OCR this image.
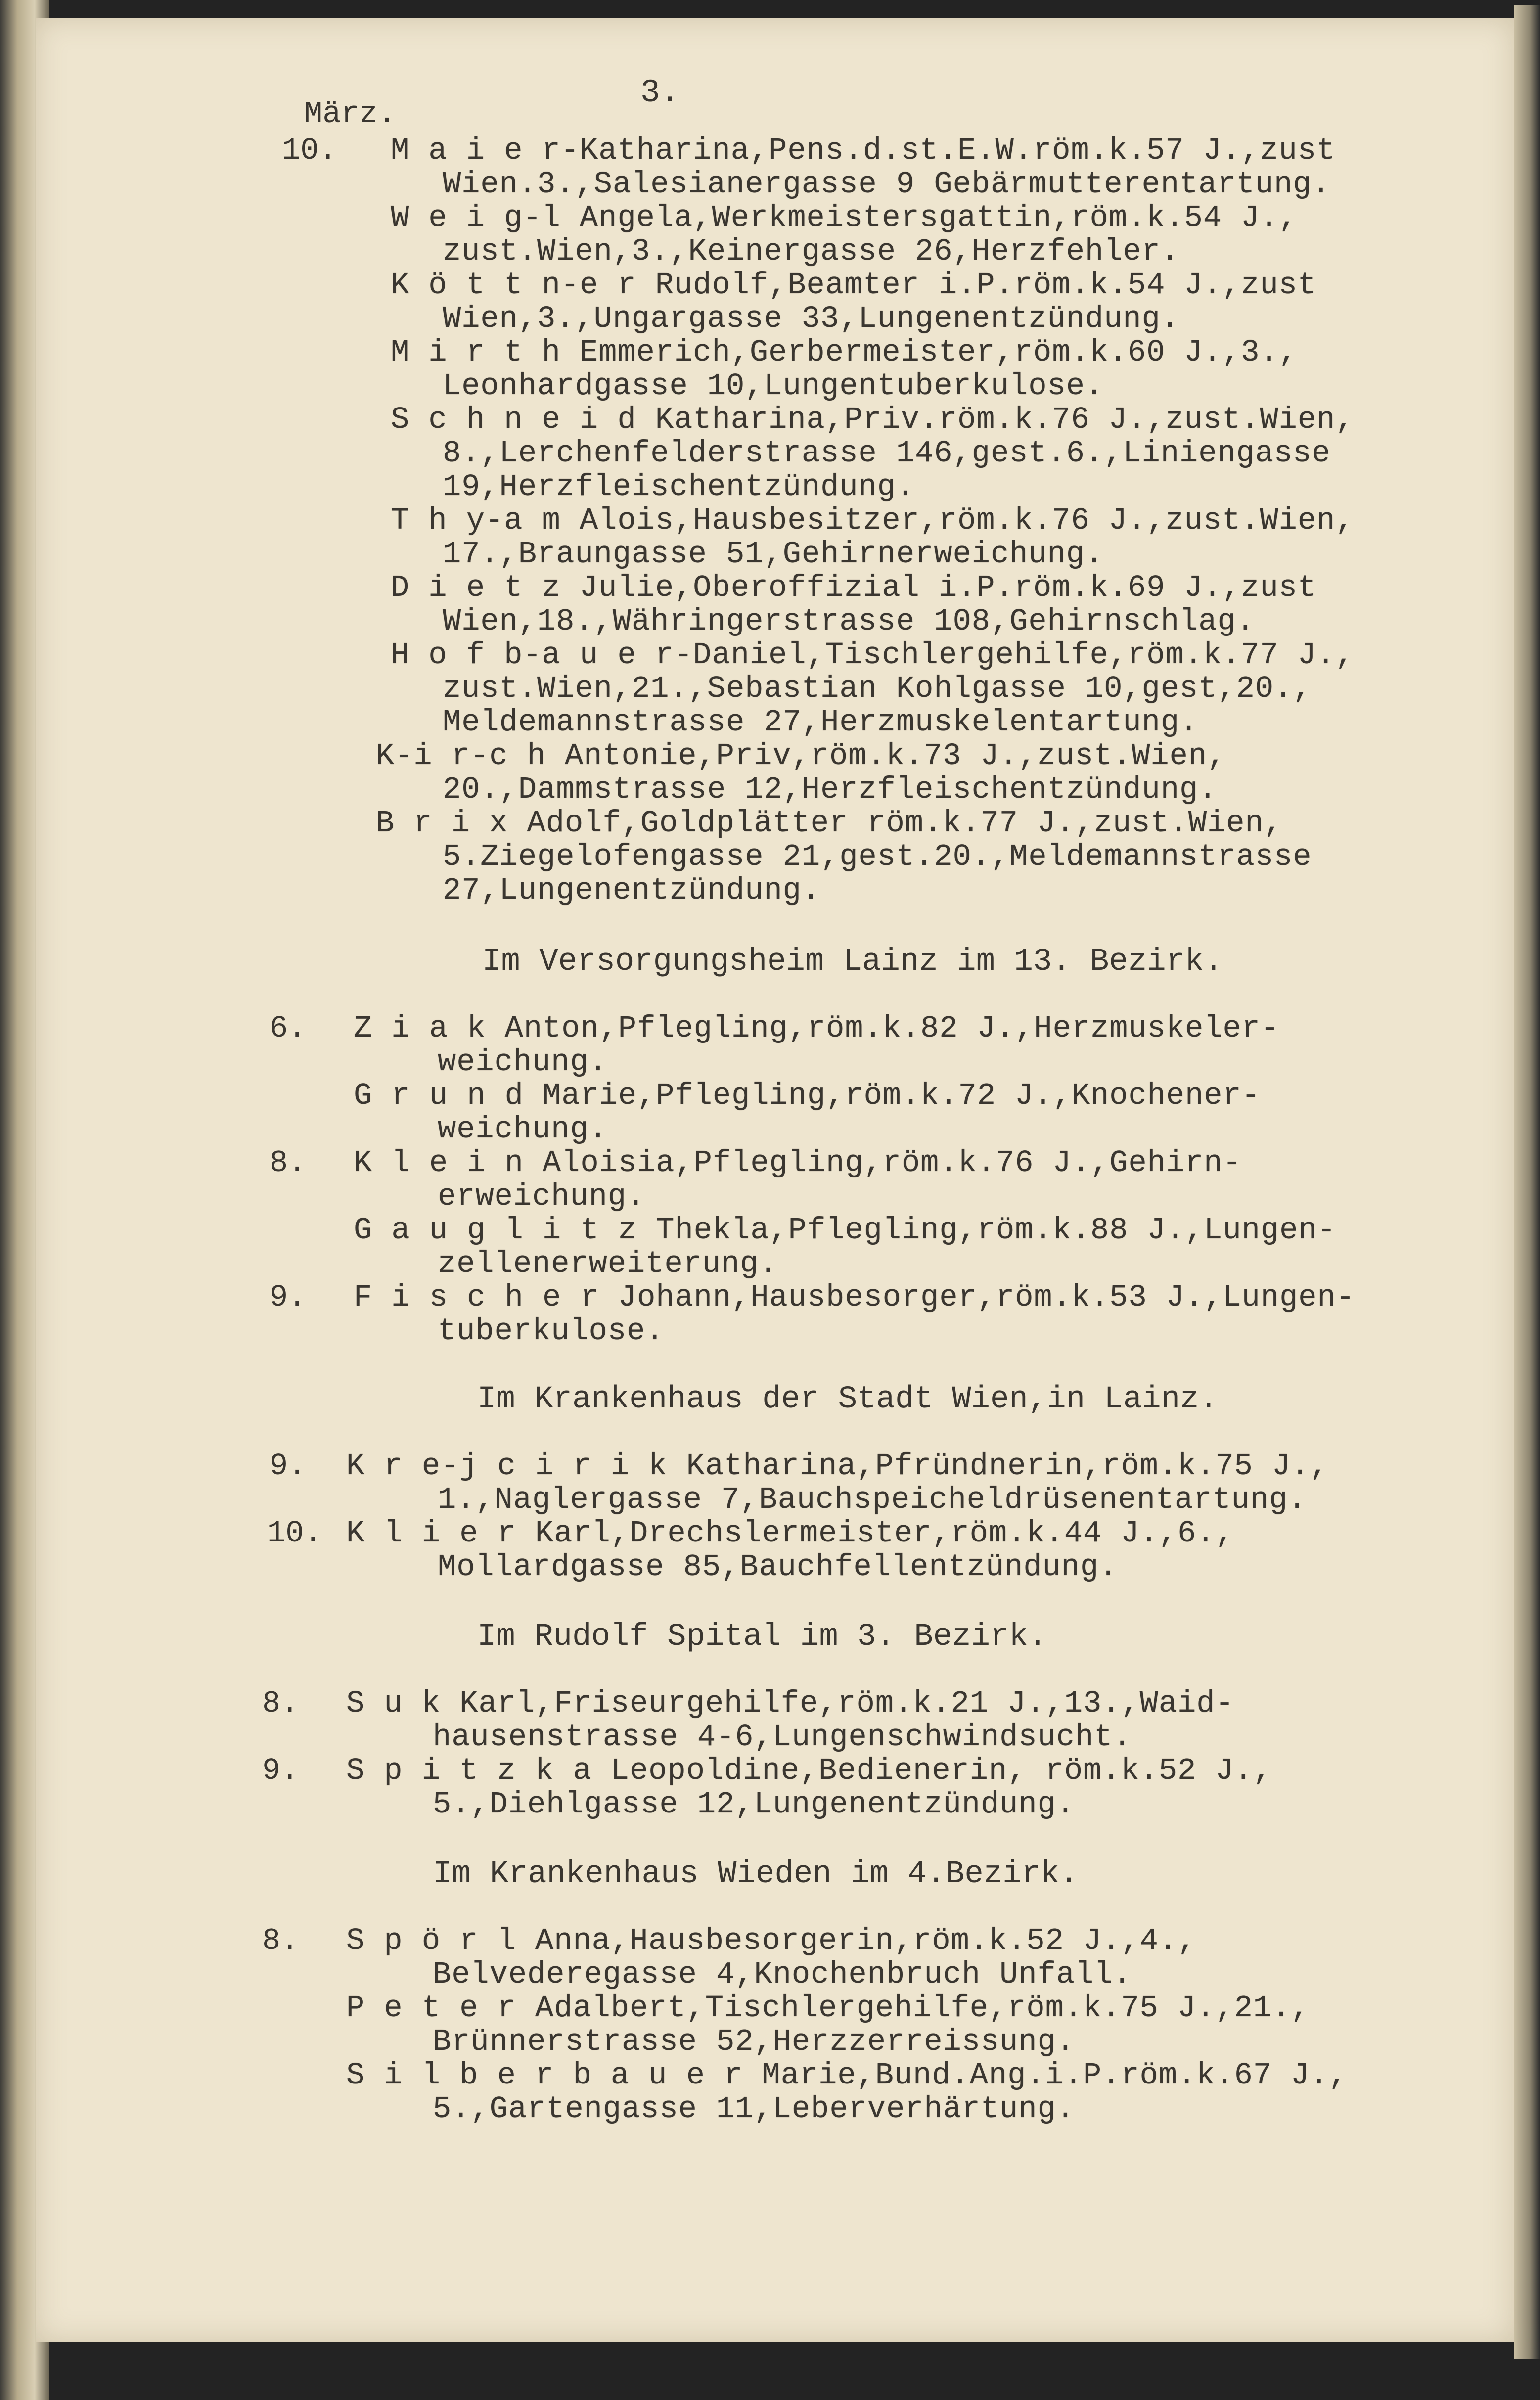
3.
März.
10. M a i e r-Katharina,Pens.d.st.E.W.röm.k.57 J.,zust
Wien.3.,Salesianergasse 9 Gebärmutterentartung.
W e i g-l Angela,Werkmeistersgattin,röm.k.54 J.,
zust.Wien,3.,Keinergasse 26,Herzfehler.
K ö t t n-e r Rudolf,Beamter i.P.röm.k.54 J.,zust
Wien,3.,Ungargasse 33,Lungenentzündung.
M i r t h Emmerich,Gerbermeister,röm.k.60 J.,3.,
Leonhardgasse 10,Lungentuberkulose.
S c h n e i d Katharina,Priv.röm.k.76 J.,zust.Wien,
8.,Lerchenfelderstrasse 146,gest.6.,Liniengasse
19,Herzfleischentzündung.
T h y-a m Alois,Hausbesitzer,röm.k.76 J.,zust.Wien,
17.,Braungasse 51,Gehirnerweichung.
D i e t z Julie,Oberoffizial i.P.röm.k.69 J.,zust
Wien,18.,Währingerstrasse 108,Gehirnschlag.
H o f b-a u e r-Daniel,Tischlergehilfe,röm.k.77 J.,
zust.Wien,21.,Sebastian Kohlgasse 10,gest,20.,
Meldemannstrasse 27,Herzmuskelentartung.
K-i r-c h Antonie,Priv,röm.k.73 J.,zust.Wien,
20.,Dammstrasse 12,Herzfleischentzündung.
B r i x Adolf,Goldplätter röm.k.77 J.,zust.Wien,
5.Ziegelofengasse 21,gest.20.,Meldemannstrasse
27,Lungenentzündung.
Im Versorgungsheim Lainz im 13. Bezirk.
6. Z i a k Anton,Pflegling,röm.k.82 J.,Herzmuskeler-
weichung.
G r u n d Marie,Pflegling,röm.k.72 J.,Knochener-
weichung.
8. K l e i n Aloisia,Pflegling,röm.k.76 J.,Gehirn-
erweichung.
G a u g l i t z Thekla,Pflegling,röm.k.88 J.,Lungen-
zellenerweiterung.
9. F i s c h e r Johann,Hausbesorger,röm.k.53 J.,Lungen-
tuberkulose.
Im Krankenhaus der Stadt Wien,in Lainz.
9. K r e-j c i r i k Katharina,Pfründnerin,röm.k.75 J.,
1.,Naglergasse 7,Bauchspeicheldrüsenentartung.
10. K l i e r Karl,Drechslermeister,röm.k.44 J.,6.,
Mollardgasse 85,Bauchfellentzündung.
Im Rudolf Spital im 3. Bezirk.
8. S u k Karl,Friseurgehilfe,röm.k.21 J.,13.,Waid-
hausenstrasse 4-6,Lungenschwindsucht.
9. S p i t z k a Leopoldine,Bedienerin, röm.k.52 J.,
5.,Diehlgasse 12,Lungenentzündung.
Im Krankenhaus Wieden im 4.Bezirk.
8. S p ö r l Anna,Hausbesorgerin,röm.k.52 J.,4.,
Belvederegasse 4,Knochenbruch Unfall.
P e t e r Adalbert,Tischlergehilfe,röm.k.75 J.,21.,
Brünnerstrasse 52,Herzzerreissung.
S i l b e r b a u e r Marie,Bund.Ang.i.P.röm.k.67 J.,
5.,Gartengasse 11,Leberverhärtung.
